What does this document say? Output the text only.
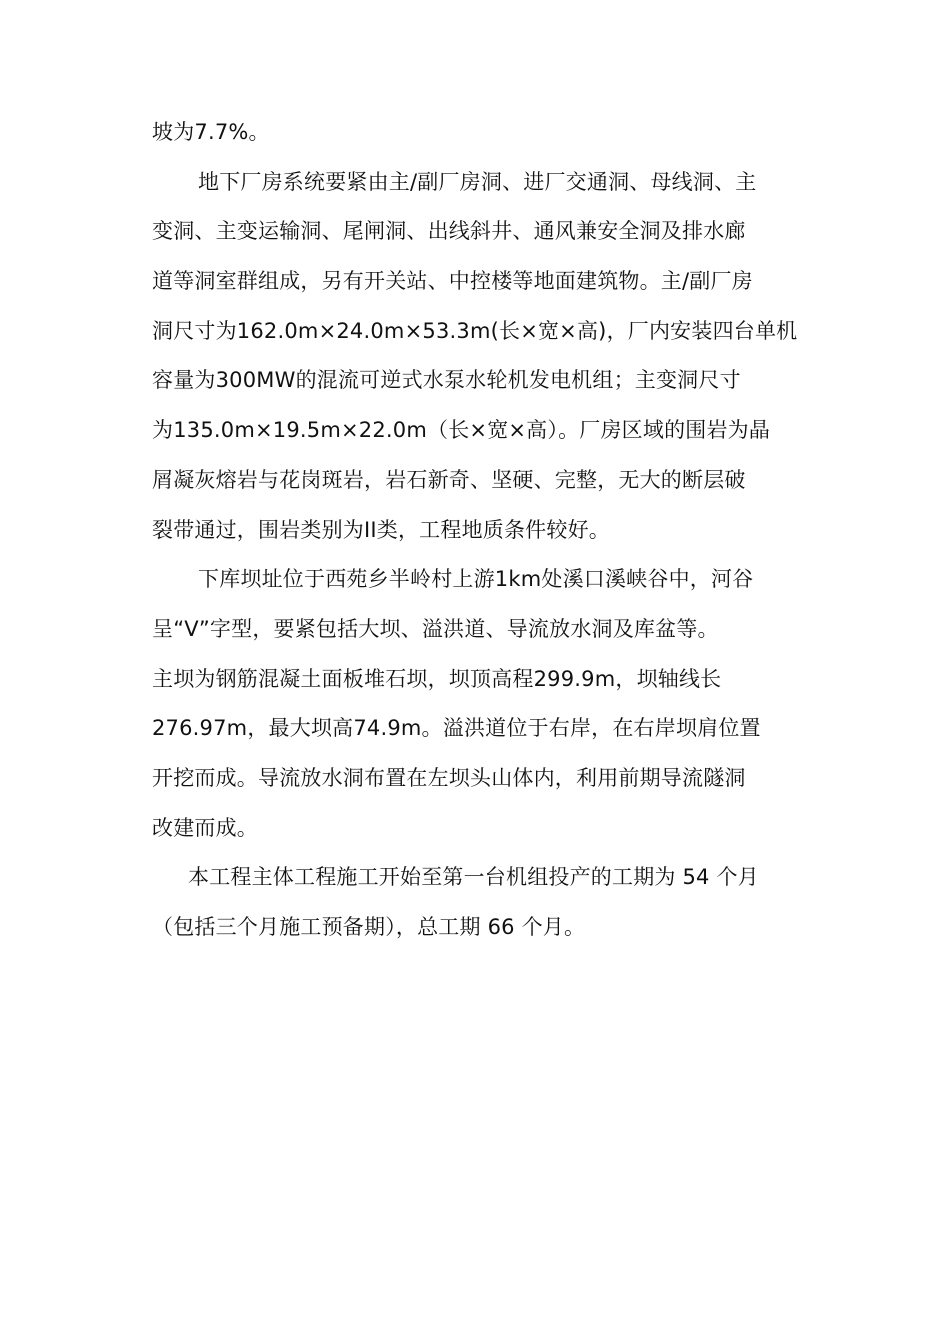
坡为7.7%。
地下厂房系统要紧由主/副厂房洞、进厂交通洞、母线洞、主
变洞、主变运输洞、尾闸洞、出线斜井、通风兼安全洞及排水廊
道等洞室群组成，另有开关站、中控楼等地面建筑物。主/副厂房
洞尺寸为162.0m×24.0m×53.3m(长×宽×高)，厂内安装四台单机
容量为300MW的混流可逆式水泵水轮机发电机组；主变洞尺寸
为135.0m×19.5m×22.0m（长×宽×高）。厂房区域的围岩为晶
屑凝灰熔岩与花岗斑岩，岩石新奇、坚硬、完整，无大的断层破
裂带通过，围岩类别为II类，工程地质条件较好。
下库坝址位于西苑乡半岭村上游1km处溪口溪峡谷中，河谷
呈“V”字型，要紧包括大坝、溢洪道、导流放水洞及库盆等。
主坝为钢筋混凝土面板堆石坝，坝顶高程299.9m，坝轴线长
276.97m，最大坝高74.9m。溢洪道位于右岸，在右岸坝肩位置
开挖而成。导流放水洞布置在左坝头山体内，利用前期导流隧洞
改建而成。
本工程主体工程施工开始至第一台机组投产的工期为 54 个月
（包括三个月施工预备期），总工期 66 个月。
